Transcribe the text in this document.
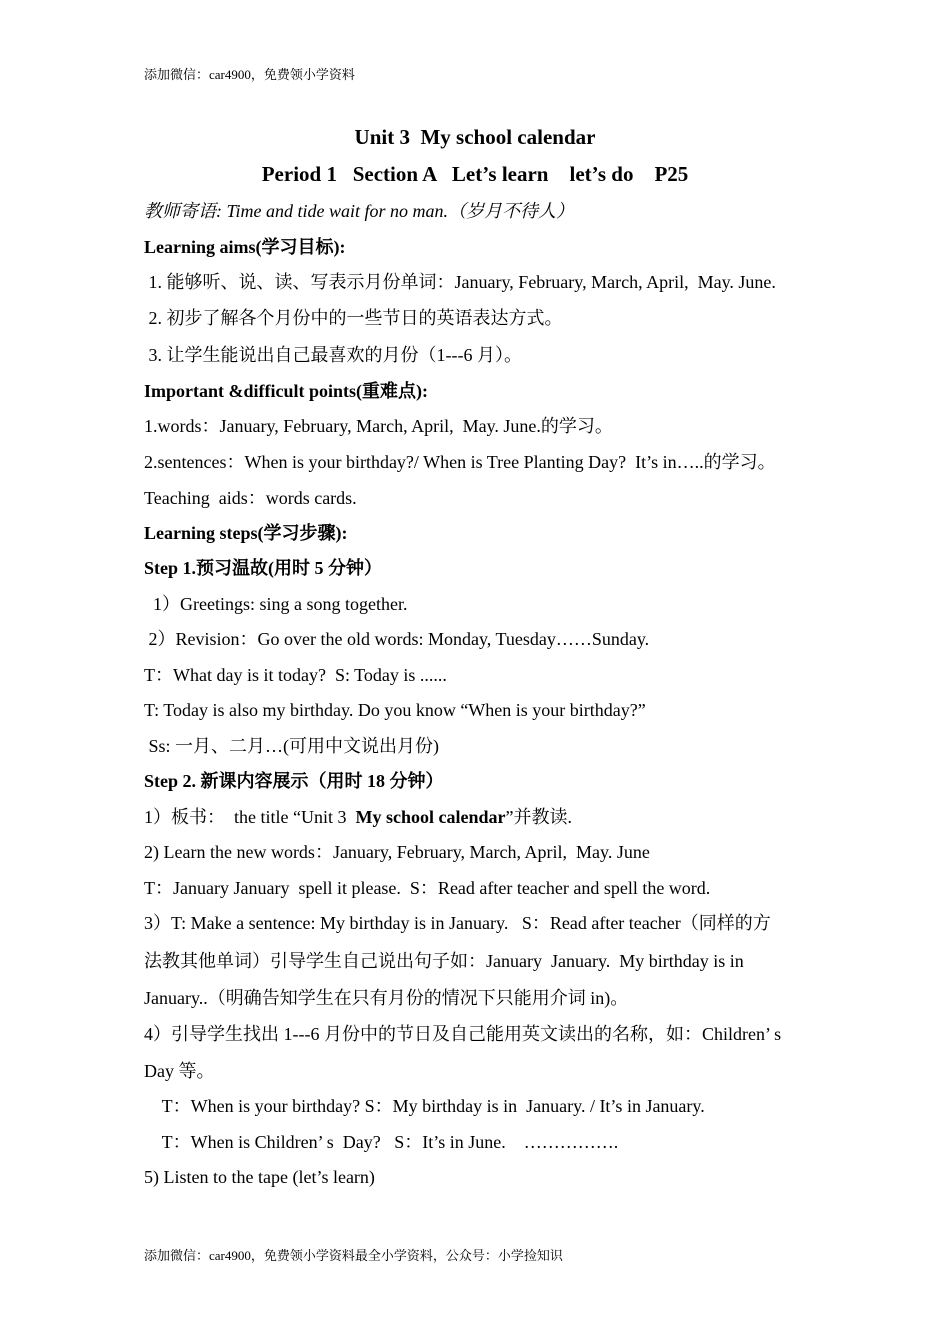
添加微信：car4900，免费领小学资料
Unit 3  My school calendar
Period 1   Section A   Let’s learn    let’s do    P25
教师寄语: Time and tide wait for no man.（岁月不待人）
Learning aims(学习目标):
1. 能够听、说、读、写表示月份单词：January, February, March, April,  May. June.
2. 初步了解各个月份中的一些节日的英语表达方式。
3. 让学生能说出自己最喜欢的月份（1---6 月）。
Important &difficult points(重难点):
1.words：January, February, March, April,  May. June.的学习。
2.sentences：When is your birthday?/ When is Tree Planting Day?  It’s in…..的学习。
Teaching  aids：words cards.
Learning steps(学习步骤):
Step 1.预习温故(用时 5 分钟）
1）Greetings: sing a song together.
2）Revision：Go over the old words: Monday, Tuesday……Sunday.
T：What day is it today?  S: Today is ......
T: Today is also my birthday. Do you know “When is your birthday?”
Ss: 一月、二月…(可用中文说出月份)
Step 2. 新课内容展示（用时 18 分钟）
1）板书：  the title “Unit 3  My school calendar”并教读.
2) Learn the new words：January, February, March, April,  May. June
T：January January  spell it please.  S：Read after teacher and spell the word.
3）T: Make a sentence: My birthday is in January.   S：Read after teacher（同样的方
法教其他单词）引导学生自己说出句子如：January  January.  My birthday is in
January..（明确告知学生在只有月份的情况下只能用介词 in)。
4）引导学生找出 1---6 月份中的节日及自己能用英文读出的名称，如：Children’ s
Day 等。
T：When is your birthday? S：My birthday is in  January. / It’s in January.
T：When is Children’ s  Day?   S：It’s in June.    …………….
5) Listen to the tape (let’s learn)
添加微信：car4900，免费领小学资料最全小学资料，公众号：小学捡知识
